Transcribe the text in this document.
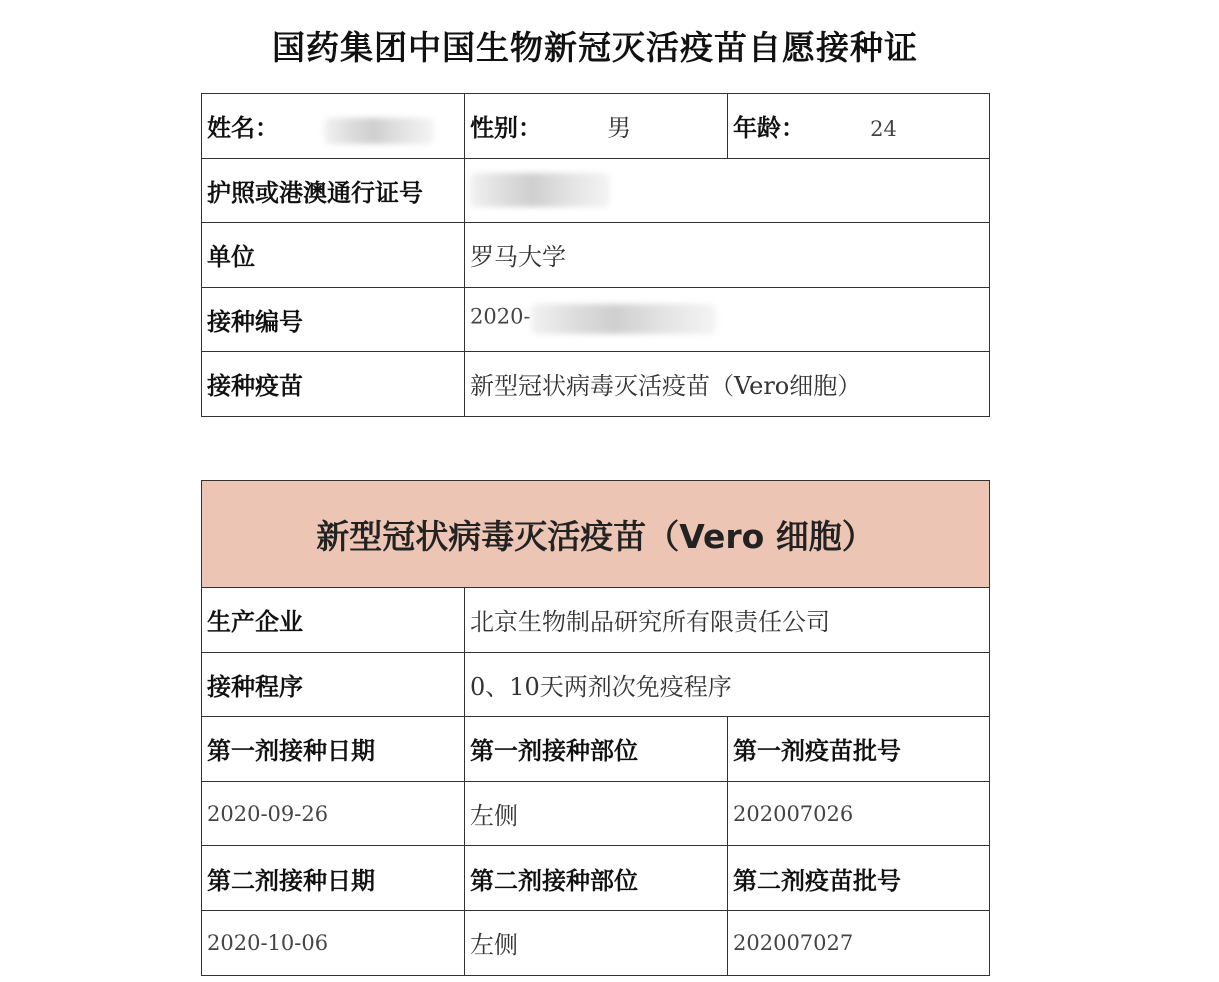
国药集团中国生物新冠灭活疫苗自愿接种证
姓名：	性别： 男	年龄： 24
护照或港澳通行证号		
单位	罗马大学	
接种编号	2020-	
接种疫苗	新型冠状病毒灭活疫苗（Vero细胞）	
新型冠状病毒灭活疫苗（Vero 细胞）		
生产企业	北京生物制品研究所有限责任公司	
接种程序	0、10天两剂次免疫程序	
第一剂接种日期	第一剂接种部位	第一剂疫苗批号
2020-09-26	左侧	202007026
第二剂接种日期	第二剂接种部位	第二剂疫苗批号
2020-10-06	左侧	202007027
